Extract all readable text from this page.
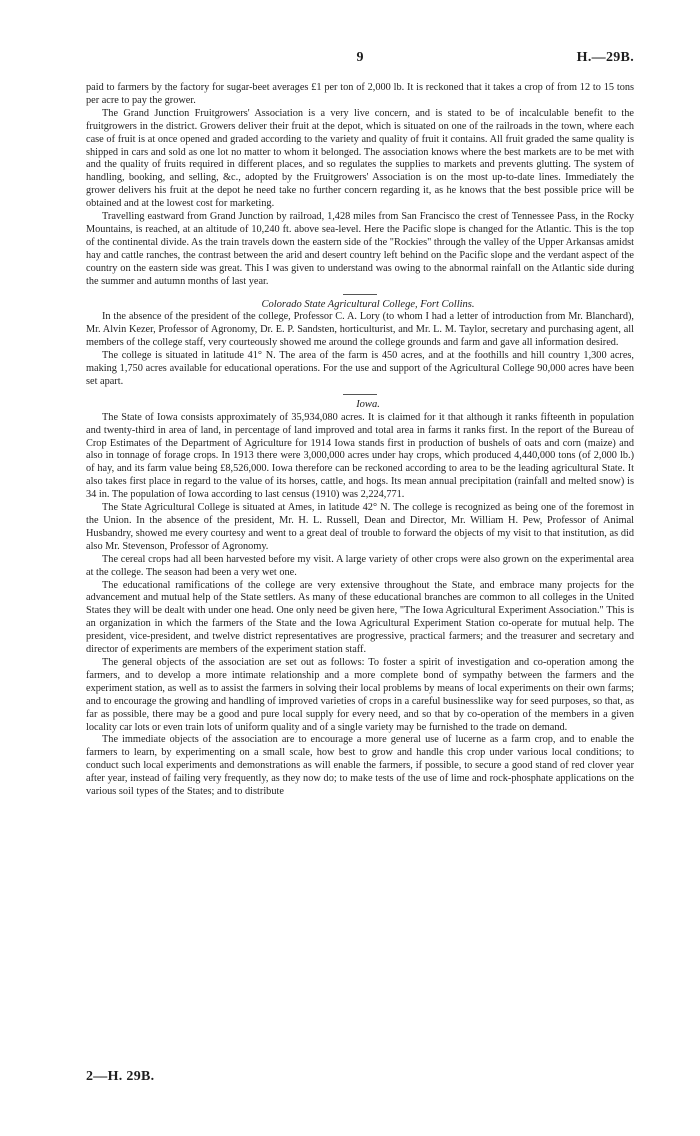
9	H.—29B.

paid to farmers by the factory for sugar-beet averages £1 per ton of 2,000 lb. It is reckoned that it takes a crop of from 12 to 15 tons per acre to pay the grower.

The Grand Junction Fruitgrowers' Association is a very live concern, and is stated to be of incalculable benefit to the fruitgrowers in the district. Growers deliver their fruit at the depot, which is situated on one of the railroads in the town, where each case of fruit is at once opened and graded according to the variety and quality of fruit it contains. All fruit graded the same quality is shipped in cars and sold as one lot no matter to whom it belonged. The association knows where the best markets are to be met with and the quality of fruits required in different places, and so regulates the supplies to markets and prevents glutting. The system of handling, booking, and selling, &c., adopted by the Fruitgrowers' Association is on the most up-to-date lines. Immediately the grower delivers his fruit at the depot he need take no further concern regarding it, as he knows that the best possible price will be obtained and at the lowest cost for marketing.

Travelling eastward from Grand Junction by railroad, 1,428 miles from San Francisco the crest of Tennessee Pass, in the Rocky Mountains, is reached, at an altitude of 10,240 ft. above sea-level. Here the Pacific slope is changed for the Atlantic. This is the top of the continental divide. As the train travels down the eastern side of the "Rockies" through the valley of the Upper Arkansas amidst hay and cattle ranches, the contrast between the arid and desert country left behind on the Pacific slope and the verdant aspect of the country on the eastern side was great. This I was given to understand was owing to the abnormal rainfall on the Atlantic side during the summer and autumn months of last year.

Colorado State Agricultural College, Fort Collins.

In the absence of the president of the college, Professor C. A. Lory (to whom I had a letter of introduction from Mr. Blanchard), Mr. Alvin Kezer, Professor of Agronomy, Dr. E. P. Sandsten, horticulturist, and Mr. L. M. Taylor, secretary and purchasing agent, all members of the college staff, very courteously showed me around the college grounds and farm and gave all information desired.

The college is situated in latitude 41° N. The area of the farm is 450 acres, and at the foothills and hill country 1,300 acres, making 1,750 acres available for educational operations. For the use and support of the Agricultural College 90,000 acres have been set apart.

Iowa.

The State of Iowa consists approximately of 35,934,080 acres. It is claimed for it that although it ranks fifteenth in population and twenty-third in area of land, in percentage of land improved and total area in farms it ranks first. In the report of the Bureau of Crop Estimates of the Department of Agriculture for 1914 Iowa stands first in production of bushels of oats and corn (maize) and also in tonnage of forage crops. In 1913 there were 3,000,000 acres under hay crops, which produced 4,440,000 tons (of 2,000 lb.) of hay, and its farm value being £8,526,000. Iowa therefore can be reckoned according to area to be the leading agricultural State. It also takes first place in regard to the value of its horses, cattle, and hogs. Its mean annual precipitation (rainfall and melted snow) is 34 in. The population of Iowa according to last census (1910) was 2,224,771.

The State Agricultural College is situated at Ames, in latitude 42° N. The college is recognized as being one of the foremost in the Union. In the absence of the president, Mr. H. L. Russell, Dean and Director, Mr. William H. Pew, Professor of Animal Husbandry, showed me every courtesy and went to a great deal of trouble to forward the objects of my visit to that institution, as did also Mr. Stevenson, Professor of Agronomy.

The cereal crops had all been harvested before my visit. A large variety of other crops were also grown on the experimental area at the college. The season had been a very wet one.

The educational ramifications of the college are very extensive throughout the State, and embrace many projects for the advancement and mutual help of the State settlers. As many of these educational branches are common to all colleges in the United States they will be dealt with under one head. One only need be given here, "The Iowa Agricultural Experiment Association." This is an organization in which the farmers of the State and the Iowa Agricultural Experiment Station co-operate for mutual help. The president, vice-president, and twelve district representatives are progressive, practical farmers; and the treasurer and secretary and director of experiments are members of the experiment station staff.

The general objects of the association are set out as follows: To foster a spirit of investigation and co-operation among the farmers, and to develop a more intimate relationship and a more complete bond of sympathy between the farmers and the experiment station, as well as to assist the farmers in solving their local problems by means of local experiments on their own farms; and to encourage the growing and handling of improved varieties of crops in a careful businesslike way for seed purposes, so that, as far as possible, there may be a good and pure local supply for every need, and so that by co-operation of the members in a given locality car lots or even train lots of uniform quality and of a single variety may be furnished to the trade on demand.

The immediate objects of the association are to encourage a more general use of lucerne as a farm crop, and to enable the farmers to learn, by experimenting on a small scale, how best to grow and handle this crop under various local conditions; to conduct such local experiments and demonstrations as will enable the farmers, if possible, to secure a good stand of red clover year after year, instead of failing very frequently, as they now do; to make tests of the use of lime and rock-phosphate applications on the various soil types of the States; and to distribute

2—H. 29B.
